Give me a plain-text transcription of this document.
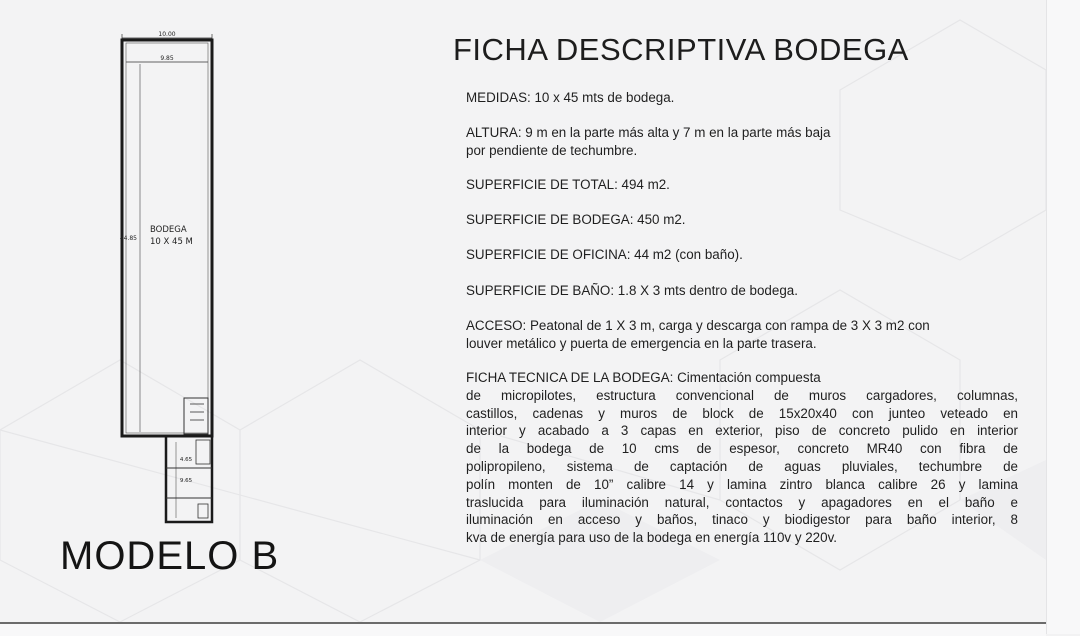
10.00
9.85
44.85
BODEGA
10 X 45 M
4.65
9.65
FICHA DESCRIPTIVA BODEGA

MEDIDAS: 10 x 45 mts de bodega.

ALTURA: 9 m en la parte más alta y 7 m en la parte más baja
por pendiente de techumbre.

SUPERFICIE DE TOTAL: 494 m2.

SUPERFICIE DE BODEGA: 450 m2.

SUPERFICIE DE OFICINA: 44 m2 (con baño).

SUPERFICIE DE BAÑO: 1.8 X 3 mts dentro de bodega.

ACCESO: Peatonal de 1 X 3 m, carga y descarga con rampa de 3 X 3 m2 con
louver metálico y puerta de emergencia en la parte trasera.

FICHA TECNICA DE LA BODEGA: Cimentación compuesta
de micropilotes, estructura convencional de muros cargadores, columnas,
castillos, cadenas y muros de block de 15x20x40 con junteo veteado en
interior y acabado a 3 capas en exterior, piso de concreto pulido en interior
de la bodega de 10 cms de espesor, concreto MR40 con fibra de
polipropileno, sistema de captación de aguas pluviales, techumbre de
polín monten de 10” calibre 14 y lamina zintro blanca calibre 26 y lamina
traslucida para iluminación natural, contactos y apagadores en el baño e
iluminación en acceso y baños, tinaco y biodigestor para baño interior, 8
kva de energía para uso de la bodega en energía 110v y 220v.

MODELO B
